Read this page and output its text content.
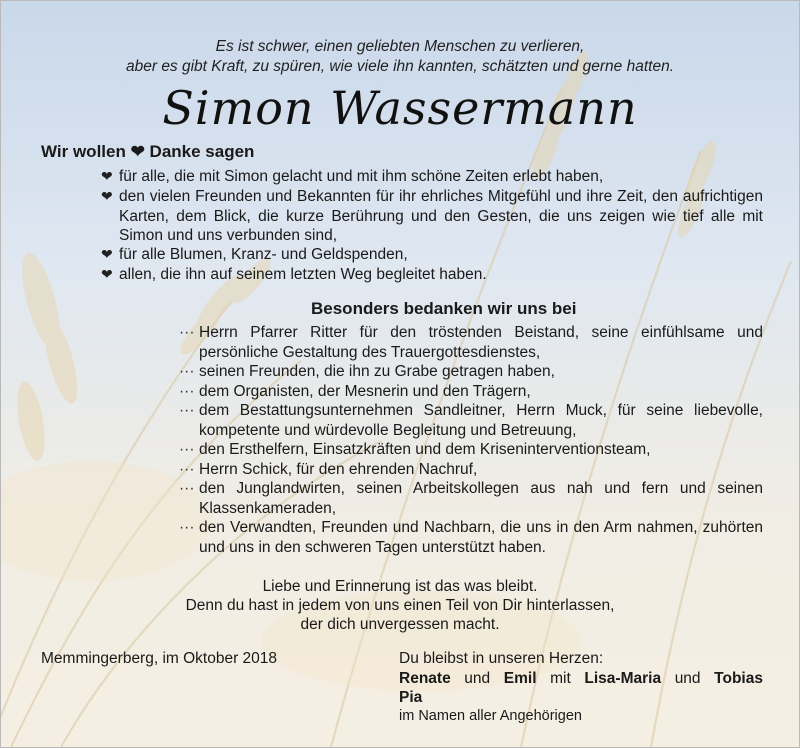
Es ist schwer, einen geliebten Menschen zu verlieren,
aber es gibt Kraft, zu spüren, wie viele ihn kannten, schätzten und gerne hatten.
Simon Wassermann
Wir wollen ❤ Danke sagen
❤ für alle, die mit Simon gelacht und mit ihm schöne Zeiten erlebt haben,
❤ den vielen Freunden und Bekannten für ihr ehrliches Mitgefühl und ihre Zeit, den aufrichtigen Karten, dem Blick, die kurze Berührung und den Gesten, die uns zeigen wie tief alle mit Simon und uns verbunden sind,
❤ für alle Blumen, Kranz- und Geldspenden,
❤ allen, die ihn auf seinem letzten Weg begleitet haben.
Besonders bedanken wir uns bei
··· Herrn Pfarrer Ritter für den tröstenden Beistand, seine einfühlsame und persönliche Gestaltung des Trauergottesdienstes,
··· seinen Freunden, die ihn zu Grabe getragen haben,
··· dem Organisten, der Mesnerin und den Trägern,
··· dem Bestattungsunternehmen Sandleitner, Herrn Muck, für seine liebevolle, kompetente und würdevolle Begleitung und Betreuung,
··· den Ersthelfern, Einsatzkräften und dem Kriseninterventionsteam,
··· Herrn Schick, für den ehrenden Nachruf,
··· den Junglandwirten, seinen Arbeitskollegen aus nah und fern und seinen Klassenkameraden,
··· den Verwandten, Freunden und Nachbarn, die uns in den Arm nahmen, zuhörten und uns in den schweren Tagen unterstützt haben.
Liebe und Erinnerung ist das was bleibt.
Denn du hast in jedem von uns einen Teil von Dir hinterlassen,
der dich unvergessen macht.
Memmingerberg, im Oktober 2018	Du bleibst in unseren Herzen:
Renate und Emil mit Lisa-Maria und Tobias
Pia
im Namen aller Angehörigen
